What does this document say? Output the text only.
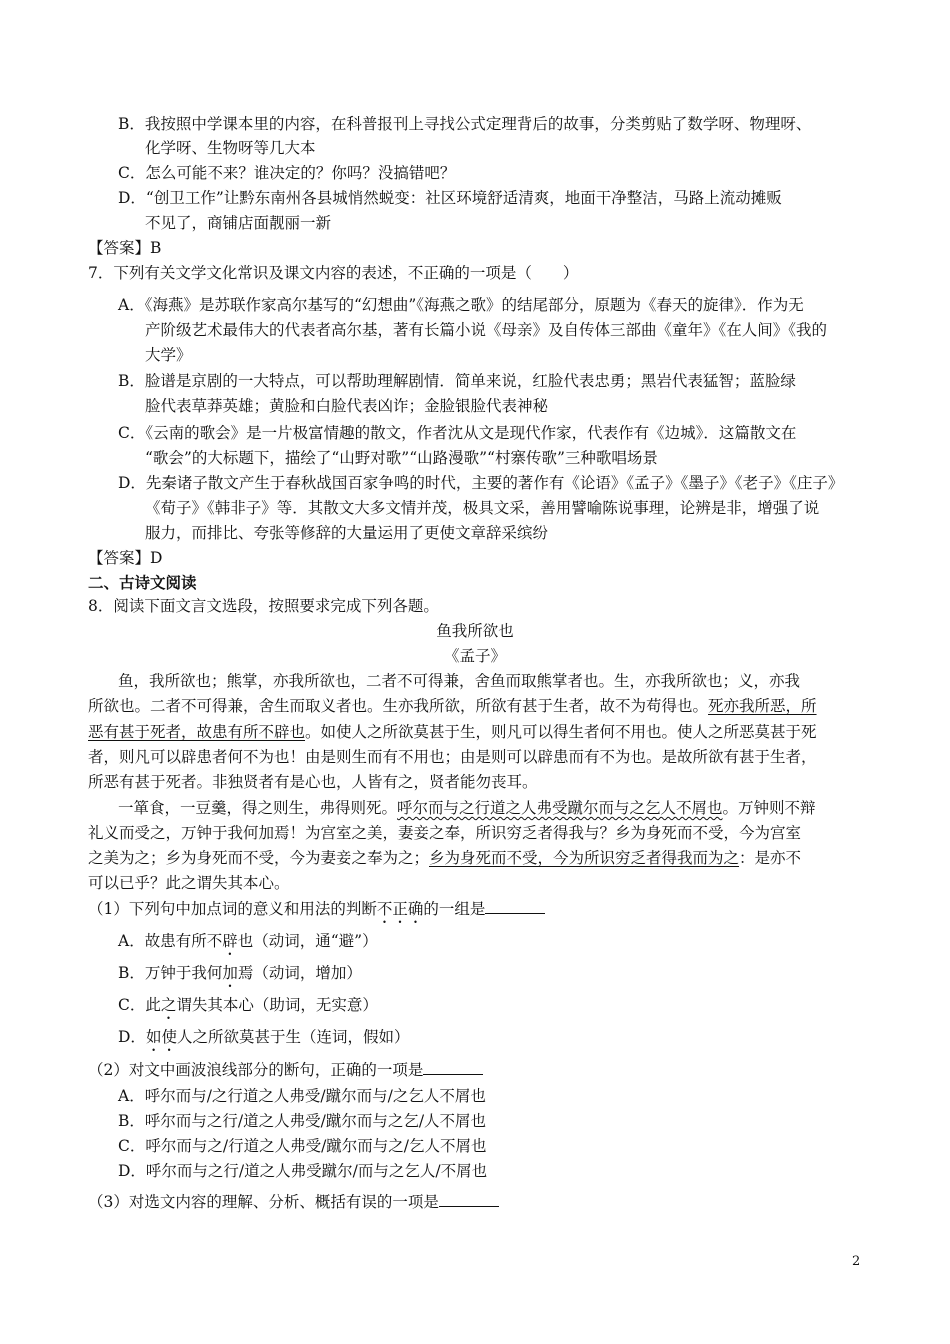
B．我按照中学课本里的内容，在科普报刊上寻找公式定理背后的故事，分类剪贴了数学呀、物理呀、
化学呀、生物呀等几大本
C．怎么可能不来？谁决定的？你吗？没搞错吧？
D．“创卫工作”让黔东南州各县城悄然蜕变：社区环境舒适清爽，地面干净整洁，马路上流动摊贩
不见了，商铺店面靓丽一新
【答案】B
7．下列有关文学文化常识及课文内容的表述，不正确的一项是（　　）
A．《海燕》是苏联作家高尔基写的“幻想曲”《海燕之歌》的结尾部分，原题为《春天的旋律》．作为无
产阶级艺术最伟大的代表者高尔基，著有长篇小说《母亲》及自传体三部曲《童年》《在人间》《我的
大学》
B．脸谱是京剧的一大特点，可以帮助理解剧情．简单来说，红脸代表忠勇；黑岩代表猛智；蓝脸绿
脸代表草莽英雄；黄脸和白脸代表凶诈；金脸银脸代表神秘
C．《云南的歌会》是一片极富情趣的散文，作者沈从文是现代作家，代表作有《边城》．这篇散文在
“歌会”的大标题下，描绘了“山野对歌”“山路漫歌”“村寨传歌”三种歌唱场景
D．先秦诸子散文产生于春秋战国百家争鸣的时代，主要的著作有《论语》《孟子》《墨子》《老子》《庄子》
《荀子》《韩非子》等．其散文大多文情并茂，极具文采，善用譬喻陈说事理，论辨是非，增强了说
服力，而排比、夸张等修辞的大量运用了更使文章辞采缤纷
【答案】D
二、古诗文阅读
8．阅读下面文言文选段，按照要求完成下列各题。
鱼我所欲也
《孟子》
鱼，我所欲也；熊掌，亦我所欲也，二者不可得兼，舍鱼而取熊掌者也。生，亦我所欲也；义，亦我
所欲也。二者不可得兼，舍生而取义者也。生亦我所欲，所欲有甚于生者，故不为苟得也。死亦我所恶，所
恶有甚于死者，故患有所不辟也。如使人之所欲莫甚于生，则凡可以得生者何不用也。使人之所恶莫甚于死
者，则凡可以辟患者何不为也！由是则生而有不用也；由是则可以辟患而有不为也。是故所欲有甚于生者，
所恶有甚于死者。非独贤者有是心也，人皆有之，贤者能勿丧耳。
一箪食，一豆羹，得之则生，弗得则死。呼尔而与之行道之人弗受蹴尔而与之乞人不屑也。万钟则不辩
礼义而受之，万钟于我何加焉！为宫室之美，妻妾之奉，所识穷乏者得我与？乡为身死而不受，今为宫室
之美为之；乡为身死而不受，今为妻妾之奉为之；乡为身死而不受，今为所识穷乏者得我而为之：是亦不
可以已乎？此之谓失其本心。
（1）下列句中加点词的意义和用法的判断不正确的一组是
A．故患有所不辟也（动词，通“避”）
B．万钟于我何加焉（动词，增加）
C．此之谓失其本心（助词，无实意）
D．如使人之所欲莫甚于生（连词，假如）
（2）对文中画波浪线部分的断句，正确的一项是
A．呼尔而与/之行道之人弗受/蹴尔而与/之乞人不屑也
B．呼尔而与之行/道之人弗受/蹴尔而与之乞/人不屑也
C．呼尔而与之/行道之人弗受/蹴尔而与之/乞人不屑也
D．呼尔而与之行/道之人弗受蹴尔/而与之乞人/不屑也
（3）对选文内容的理解、分析、概括有误的一项是
2
